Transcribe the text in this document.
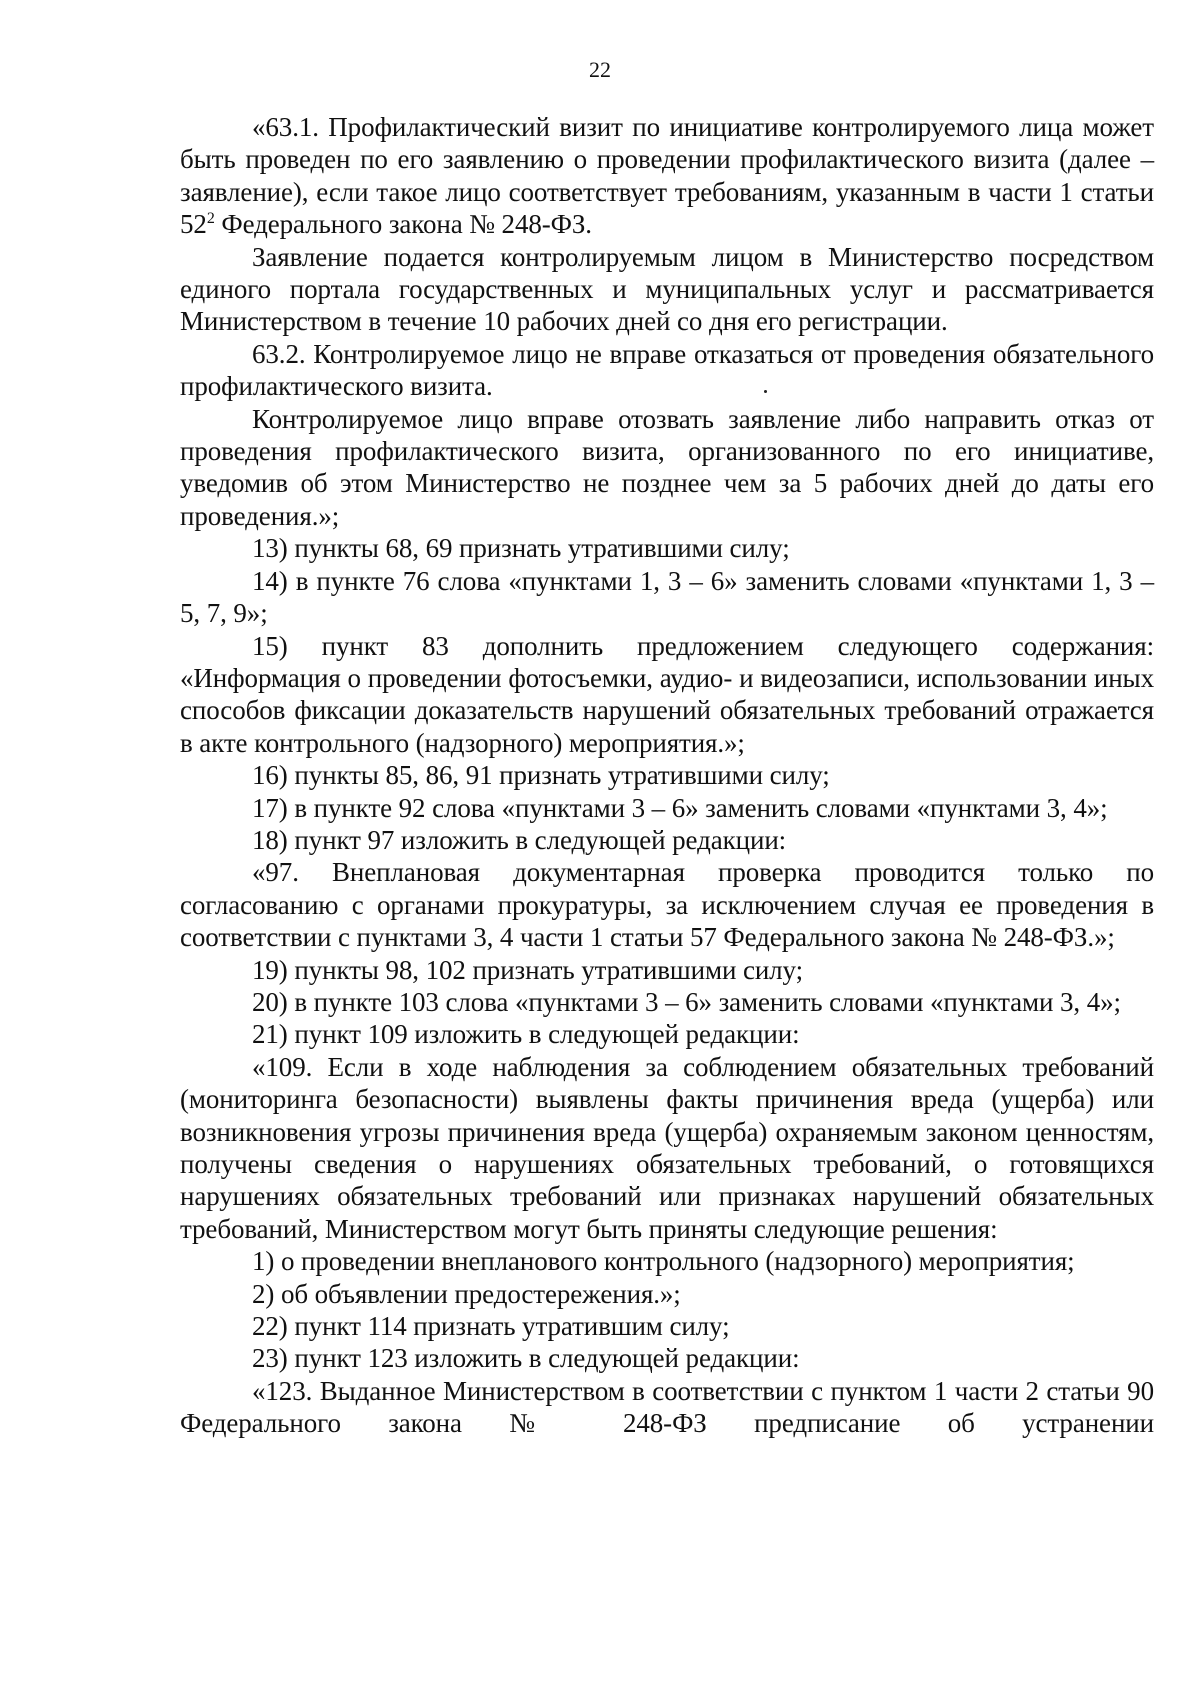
22

«63.1. Профилактический визит по инициативе контролируемого лица может быть проведен по его заявлению о проведении профилактического визита (далее – заявление), если такое лицо соответствует требованиям, указанным в части 1 статьи $52^2$ Федерального закона № 248-ФЗ.

Заявление подается контролируемым лицом в Министерство посредством единого портала государственных и муниципальных услуг и рассматривается Министерством в течение 10 рабочих дней со дня его регистрации.

63.2. Контролируемое лицо не вправе отказаться от проведения обязательного профилактического визита.

Контролируемое лицо вправе отозвать заявление либо направить отказ от проведения профилактического визита, организованного по его инициативе, уведомив об этом Министерство не позднее чем за 5 рабочих дней до даты его проведения.»;

13) пункты 68, 69 признать утратившими силу;

14) в пункте 76 слова «пунктами 1, 3 – 6» заменить словами «пунктами 1, 3 – 5, 7, 9»;

15) пункт 83 дополнить предложением следующего содержания: «Информация о проведении фотосъемки, аудио- и видеозаписи, использовании иных способов фиксации доказательств нарушений обязательных требований отражается в акте контрольного (надзорного) мероприятия.»;

16) пункты 85, 86, 91 признать утратившими силу;

17) в пункте 92 слова «пунктами 3 – 6» заменить словами «пунктами 3, 4»;

18) пункт 97 изложить в следующей редакции:

«97. Внеплановая документарная проверка проводится только по согласованию с органами прокуратуры, за исключением случая ее проведения в соответствии с пунктами 3, 4 части 1 статьи 57 Федерального закона № 248-ФЗ.»;

19) пункты 98, 102 признать утратившими силу;

20) в пункте 103 слова «пунктами 3 – 6» заменить словами «пунктами 3, 4»;

21) пункт 109 изложить в следующей редакции:

«109. Если в ходе наблюдения за соблюдением обязательных требований (мониторинга безопасности) выявлены факты причинения вреда (ущерба) или возникновения угрозы причинения вреда (ущерба) охраняемым законом ценностям, получены сведения о нарушениях обязательных требований, о готовящихся нарушениях обязательных требований или признаках нарушений обязательных требований, Министерством могут быть приняты следующие решения:

1) о проведении внепланового контрольного (надзорного) мероприятия;

2) об объявлении предостережения.»;

22) пункт 114 признать утратившим силу;

23) пункт 123 изложить в следующей редакции:

«123. Выданное Министерством в соответствии с пунктом 1 части 2 статьи 90 Федерального закона № 248-ФЗ предписание об устранении
